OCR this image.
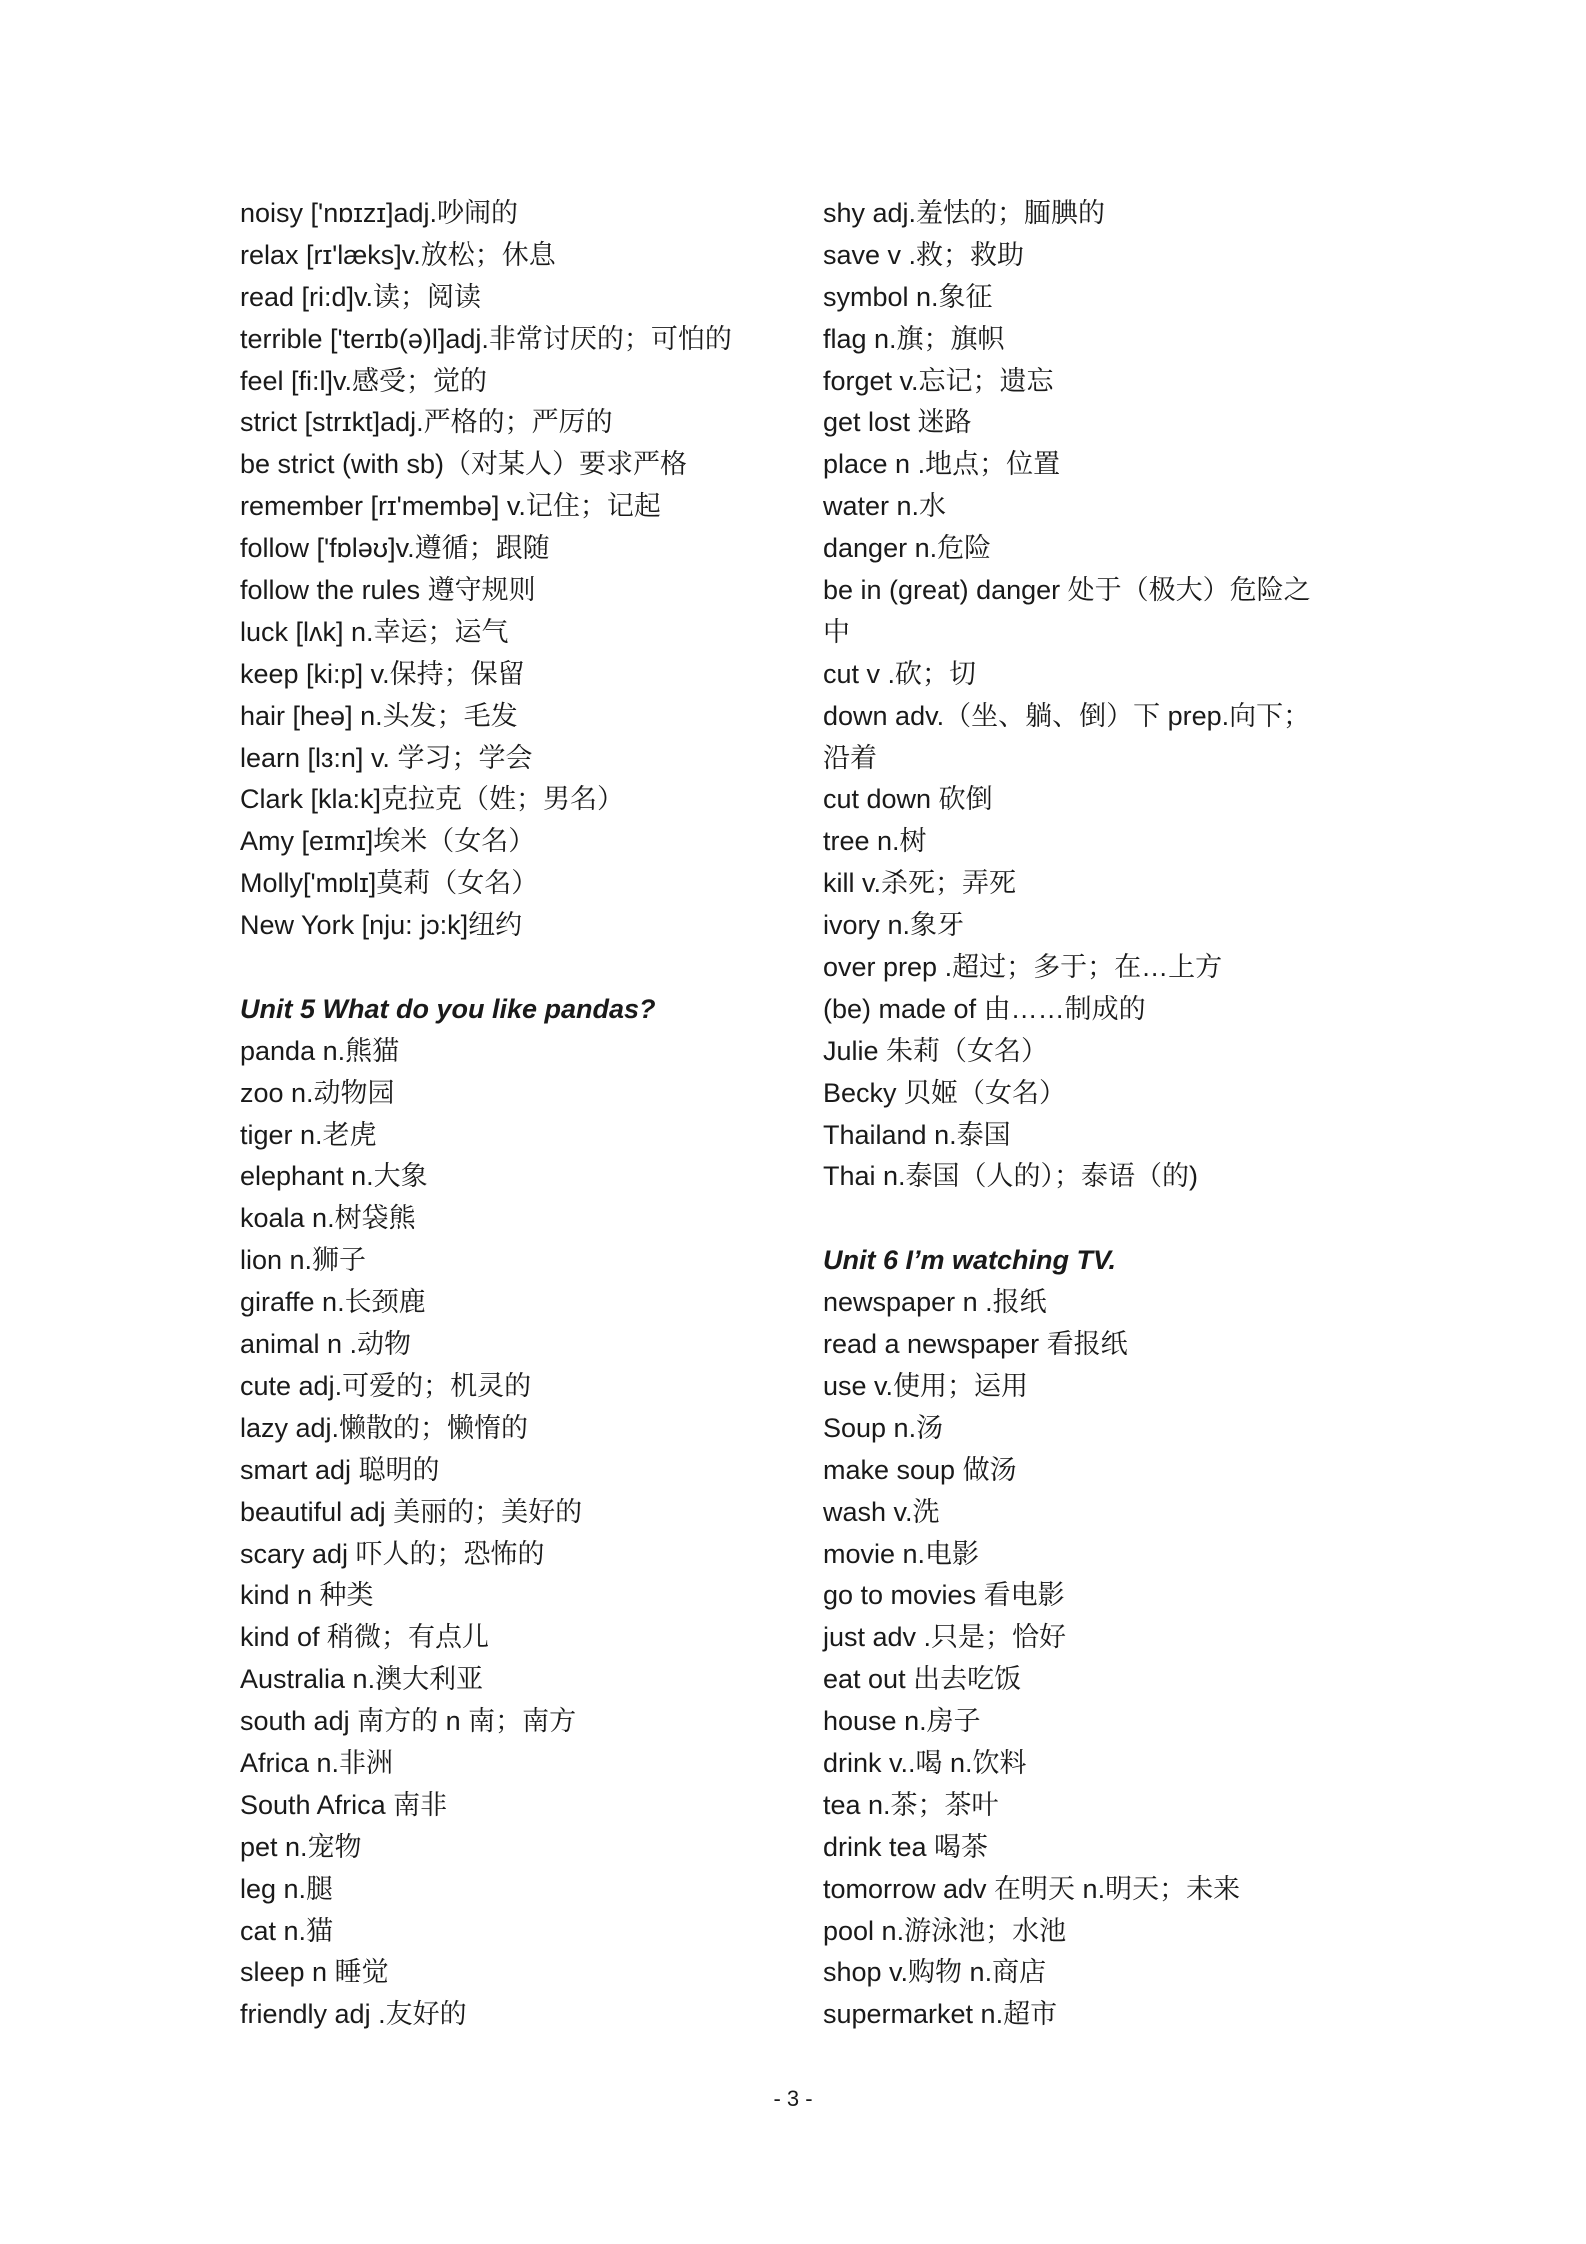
noisy ['nɒɪzɪ]adj.吵闹的
relax [rɪ'læks]v.放松；休息
read [ri:d]v.读；阅读
terrible ['terɪb(ə)l]adj.非常讨厌的；可怕的
feel [fi:l]v.感受；觉的
strict [strɪkt]adj.严格的；严厉的
be strict (with sb)（对某人）要求严格
remember [rɪ'membə] v.记住；记起
follow ['fɒləʊ]v.遵循；跟随
follow the rules 遵守规则
luck [lʌk] n.幸运；运气
keep [ki:p] v.保持；保留
hair [heə] n.头发；毛发
learn [lɜ:n] v. 学习；学会
Clark [kla:k]克拉克（姓；男名）
Amy [eɪmɪ]埃米（女名）
Molly['mɒlɪ]莫莉（女名）
New York [nju: jɔ:k]纽约
Unit 5 What do you like pandas?
panda n.熊猫
zoo n.动物园
tiger n.老虎
elephant n.大象
koala n.树袋熊
lion n.狮子
giraffe n.长颈鹿
animal n .动物
cute adj.可爱的；机灵的
lazy adj.懒散的；懒惰的
smart adj 聪明的
beautiful adj 美丽的；美好的
scary adj 吓人的；恐怖的
kind n 种类
kind of 稍微；有点儿
Australia n.澳大利亚
south adj 南方的 n 南；南方
Africa n.非洲
South Africa 南非
pet n.宠物
leg n.腿
cat n.猫
sleep n 睡觉
friendly adj .友好的
shy adj.羞怯的；腼腆的
save v .救；救助
symbol n.象征
flag n.旗；旗帜
forget v.忘记；遗忘
get lost 迷路
place n .地点；位置
water n.水
danger n.危险
be in (great) danger 处于（极大）危险之
中
cut v .砍；切
down adv.（坐、躺、倒）下 prep.向下；
沿着
cut down 砍倒
tree n.树
kill v.杀死；弄死
ivory n.象牙
over prep .超过；多于；在…上方
(be) made of 由……制成的
Julie 朱莉（女名）
Becky 贝姬（女名）
Thailand n.泰国
Thai n.泰国（人的）；泰语（的)
Unit 6 I’m watching TV.
newspaper n .报纸
read a newspaper 看报纸
use v.使用；运用
Soup n.汤
make soup 做汤
wash v.洗
movie n.电影
go to movies 看电影
just adv .只是；恰好
eat out 出去吃饭
house n.房子
drink v..喝 n.饮料
tea n.茶；茶叶
drink tea 喝茶
tomorrow adv 在明天 n.明天；未来
pool n.游泳池；水池
shop v.购物 n.商店
supermarket n.超市
- 3 -
